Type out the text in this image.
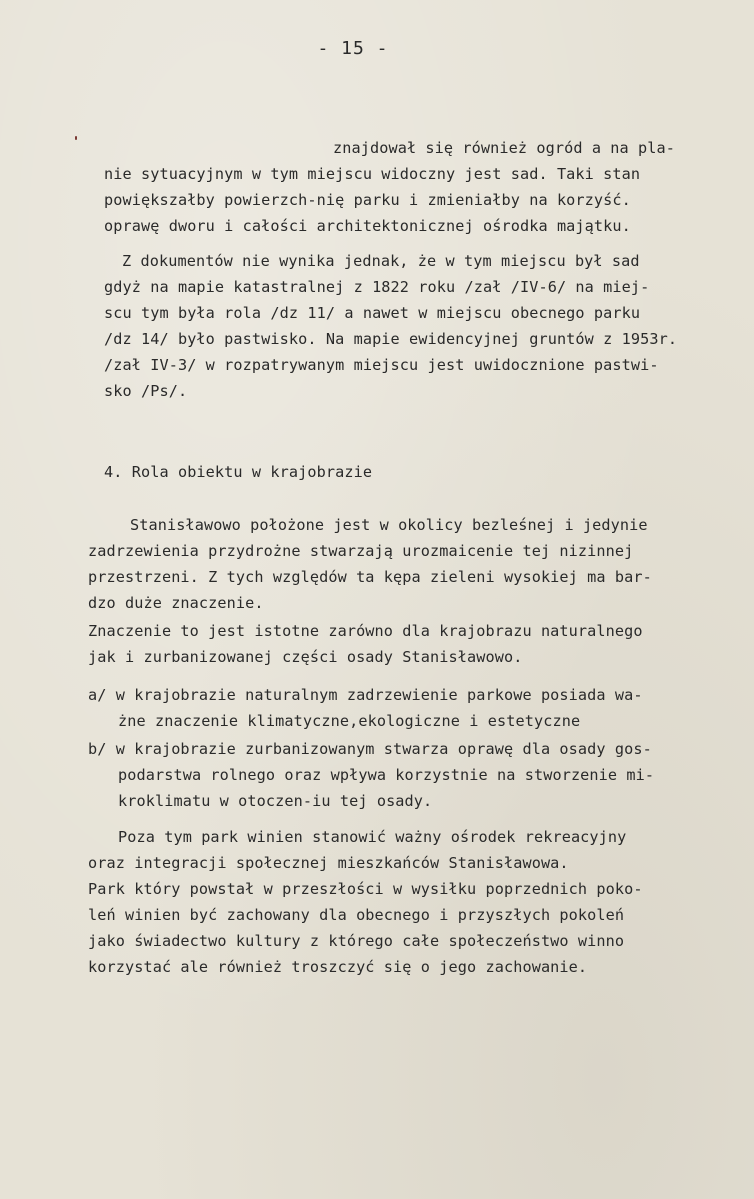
- 15 -
znajdował się również ogród a na pla-
nie sytuacyjnym w tym miejscu widoczny jest sad. Taki stan
powiększałby powierzch-nię parku i zmieniałby na korzyść.
oprawę dworu i całości architektonicznej ośrodka majątku.
Z dokumentów nie wynika jednak, że w tym miejscu był sad
gdyż na mapie katastralnej z 1822 roku /zał /IV-6/ na miej-
scu tym była rola /dz 11/ a nawet w miejscu obecnego parku
/dz 14/ było pastwisko. Na mapie ewidencyjnej gruntów z 1953r.
/zał IV-3/ w rozpatrywanym miejscu jest uwidocznione pastwi-
sko /Ps/.
4. Rola obiektu w krajobrazie
Stanisławowo położone jest w okolicy bezleśnej i jedynie
zadrzewienia przydrożne stwarzają urozmaicenie tej nizinnej
przestrzeni. Z tych względów ta kępa zieleni wysokiej ma bar-
dzo duże znaczenie.
Znaczenie to jest istotne zarówno dla krajobrazu naturalnego
jak i zurbanizowanej części osady Stanisławowo.
a/ w krajobrazie naturalnym zadrzewienie parkowe posiada wa-
żne znaczenie klimatyczne,ekologiczne i estetyczne
b/ w krajobrazie zurbanizowanym stwarza oprawę dla osady gos-
podarstwa rolnego oraz wpływa korzystnie na stworzenie mi-
kroklimatu w otoczen-iu tej osady.
Poza tym park winien stanowić ważny ośrodek rekreacyjny
oraz integracji społecznej mieszkańców Stanisławowa.
Park który powstał w przeszłości w wysiłku poprzednich poko-
leń winien być zachowany dla obecnego i przyszłych pokoleń
jako świadectwo kultury z którego całe społeczeństwo winno
korzystać ale również troszczyć się o jego zachowanie.
